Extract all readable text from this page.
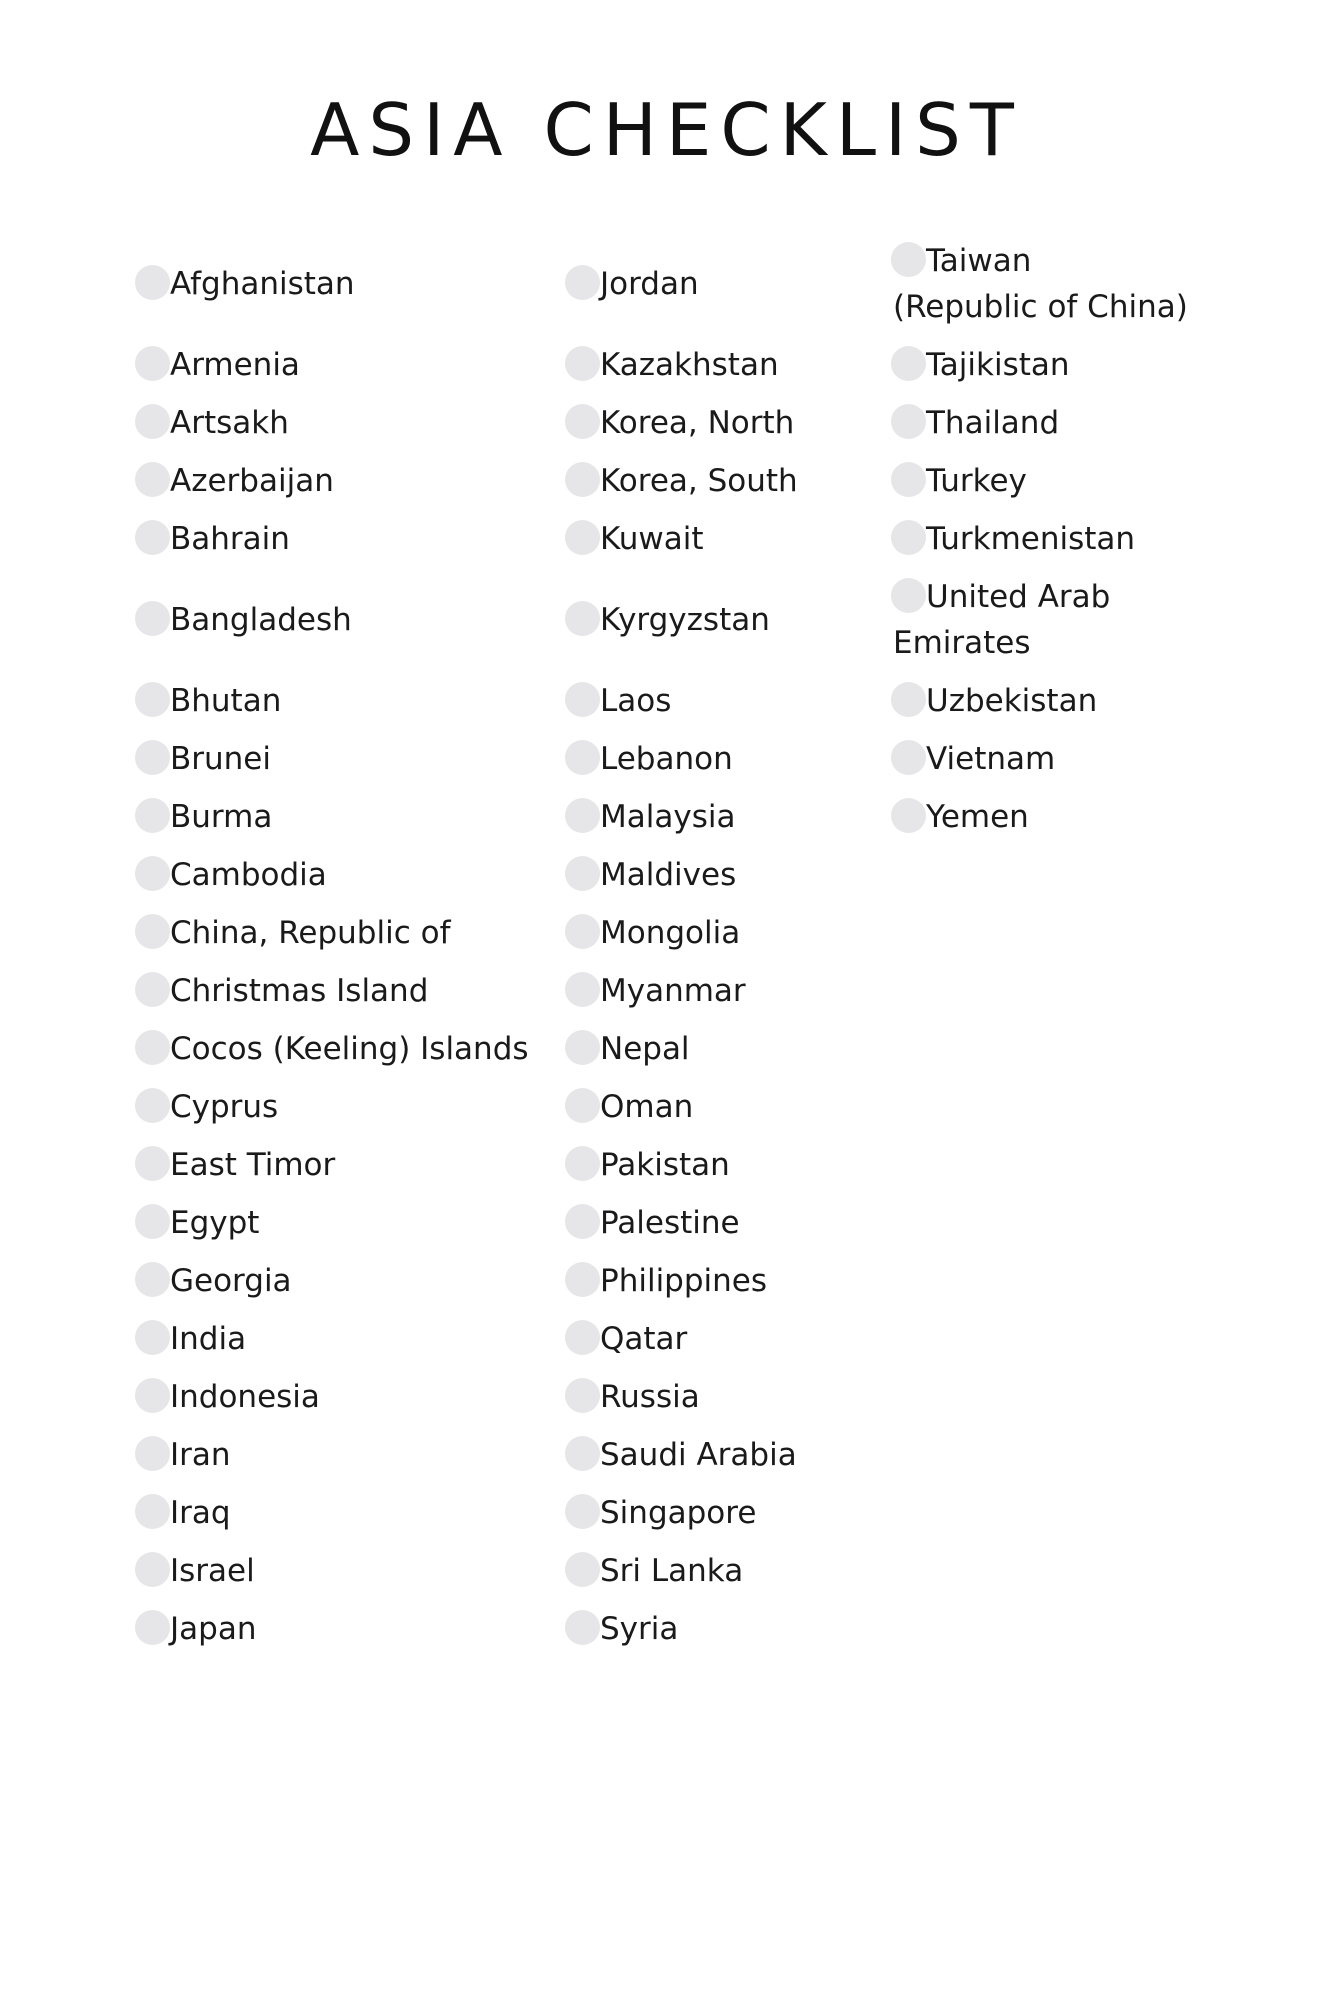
ASIA CHECKLIST
Afghanistan
Armenia
Artsakh
Azerbaijan
Bahrain
Bangladesh
Bhutan
Brunei
Burma
Cambodia
China, Republic of
Christmas Island
Cocos (Keeling) Islands
Cyprus
East Timor
Egypt
Georgia
India
Indonesia
Iran
Iraq
Israel
Japan
Jordan
Kazakhstan
Korea, North
Korea, South
Kuwait
Kyrgyzstan
Laos
Lebanon
Malaysia
Maldives
Mongolia
Myanmar
Nepal
Oman
Pakistan
Palestine
Philippines
Qatar
Russia
Saudi Arabia
Singapore
Sri Lanka
Syria
Taiwan
(Republic of China)
Tajikistan
Thailand
Turkey
Turkmenistan
United Arab Emirates
Uzbekistan
Vietnam
Yemen
